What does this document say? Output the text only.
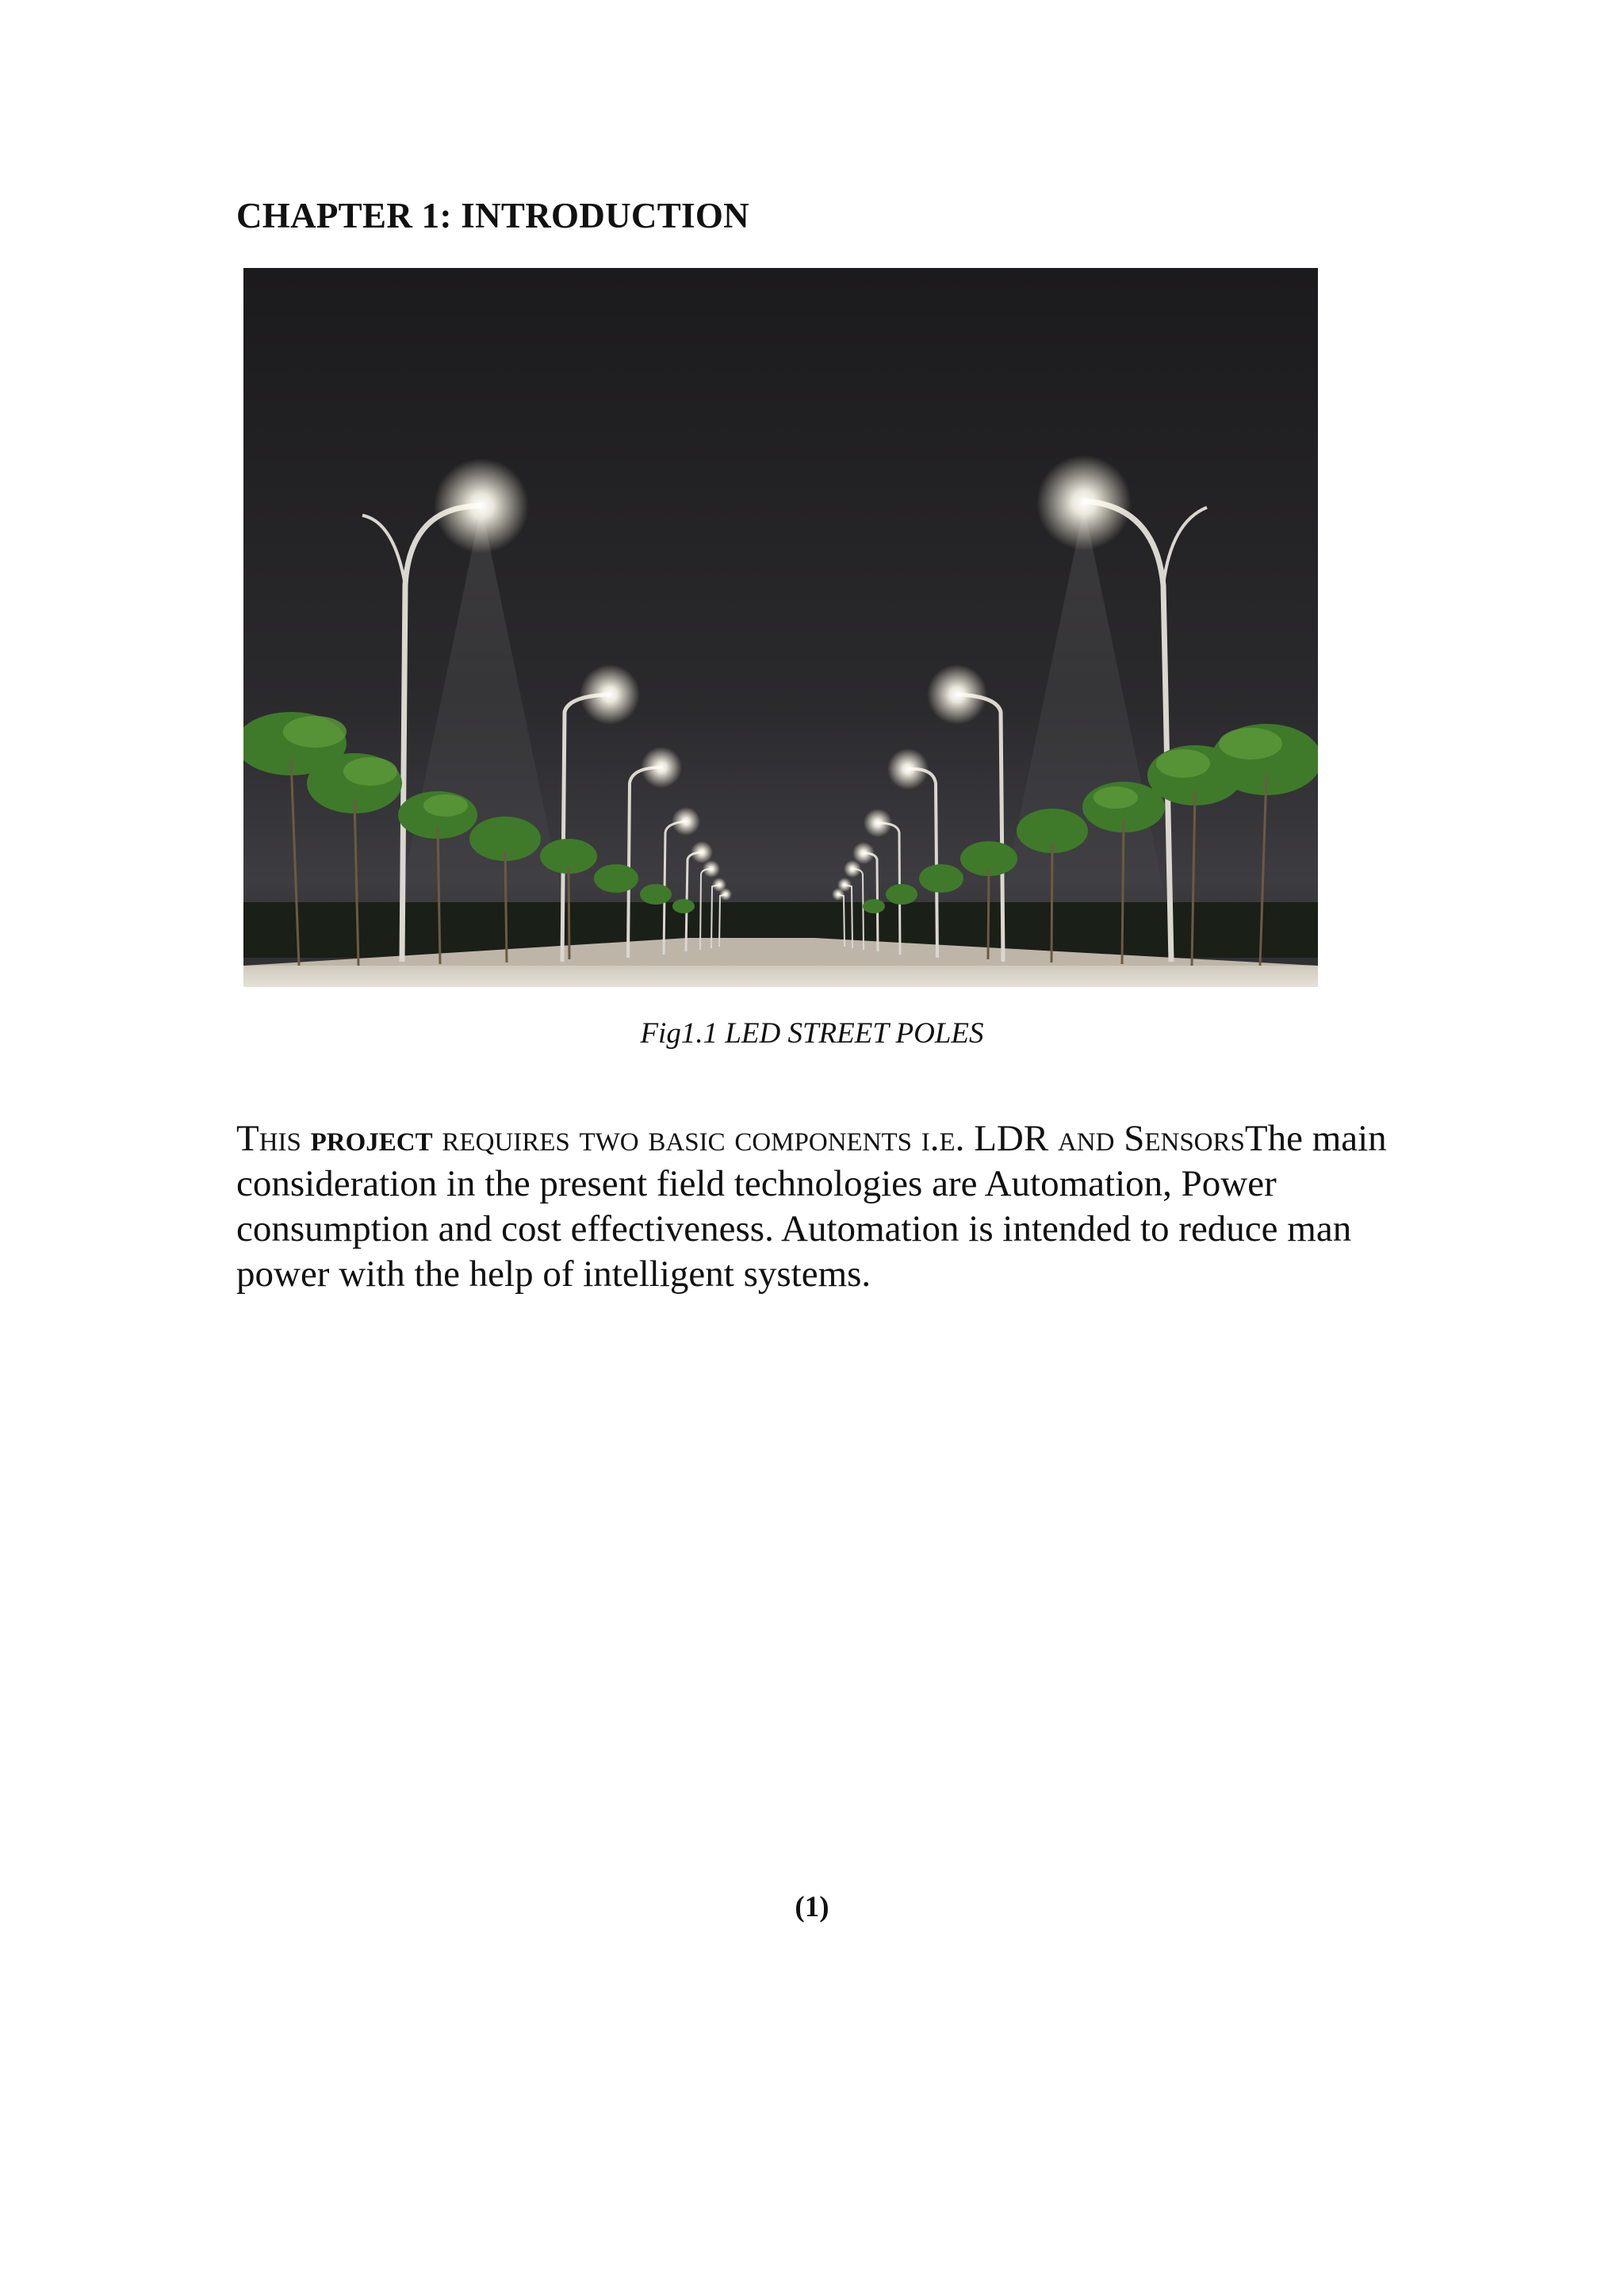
CHAPTER 1: INTRODUCTION
Fig1.1 LED STREET POLES
This project requires two basic components i.e. LDR and SensorsThe main consideration in the present field technologies are Automation, Power consumption and cost effectiveness. Automation is intended to reduce man power with the help of intelligent systems.
(1)
